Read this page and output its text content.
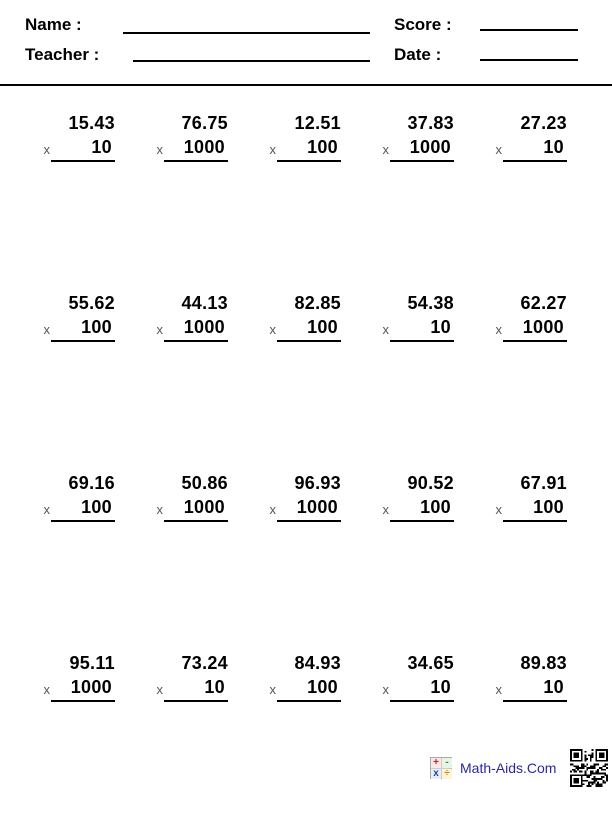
Name :	Score :
Teacher :	Date :
15.43
x	10
76.75
x	1000
12.51
x	100
37.83
x	1000
27.23
x	10
55.62
x	100
44.13
x	1000
82.85
x	100
54.38
x	10
62.27
x	1000
69.16
x	100
50.86
x	1000
96.93
x	1000
90.52
x	100
67.91
x	100
95.11
x	1000
73.24
x	10
84.93
x	100
34.65
x	10
89.83
x	10
+ -
x ÷ Math-Aids.Com
